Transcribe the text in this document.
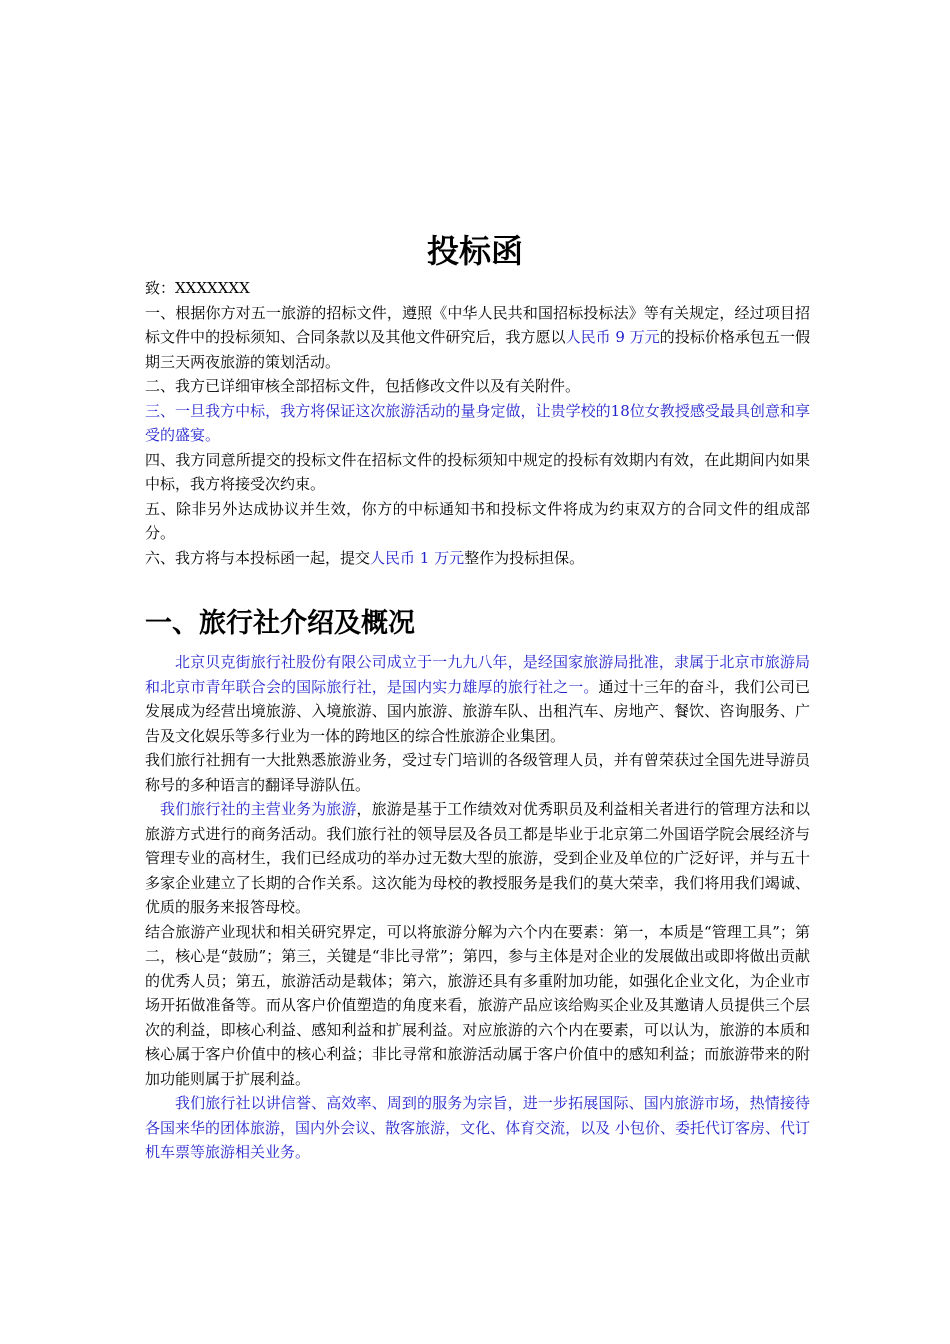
投标函

致：XXXXXXX

一、根据你方对五一旅游的招标文件，遵照《中华人民共和国招标投标法》等有关规定，经过项目招标文件中的投标须知、合同条款以及其他文件研究后，我方愿以人民币 9 万元的投标价格承包五一假期三天两夜旅游的策划活动。

二、我方已详细审核全部招标文件，包括修改文件以及有关附件。

三、一旦我方中标，我方将保证这次旅游活动的量身定做，让贵学校的18位女教授感受最具创意和享受的盛宴。

四、我方同意所提交的投标文件在招标文件的投标须知中规定的投标有效期内有效，在此期间内如果中标，我方将接受次约束。

五、除非另外达成协议并生效，你方的中标通知书和投标文件将成为约束双方的合同文件的组成部分。

六、我方将与本投标函一起，提交人民币 1 万元整作为投标担保。

一、旅行社介绍及概况

北京贝克街旅行社股份有限公司成立于一九九八年，是经国家旅游局批准，隶属于北京市旅游局和北京市青年联合会的国际旅行社，是国内实力雄厚的旅行社之一。通过十三年的奋斗，我们公司已发展成为经营出境旅游、入境旅游、国内旅游、旅游车队、出租汽车、房地产、餐饮、咨询服务、广告及文化娱乐等多行业为一体的跨地区的综合性旅游企业集团。

我们旅行社拥有一大批熟悉旅游业务，受过专门培训的各级管理人员，并有曾荣获过全国先进导游员称号的多种语言的翻译导游队伍。

我们旅行社的主营业务为旅游，旅游是基于工作绩效对优秀职员及利益相关者进行的管理方法和以旅游方式进行的商务活动。我们旅行社的领导层及各员工都是毕业于北京第二外国语学院会展经济与管理专业的高材生，我们已经成功的举办过无数大型的旅游，受到企业及单位的广泛好评，并与五十多家企业建立了长期的合作关系。这次能为母校的教授服务是我们的莫大荣幸，我们将用我们竭诚、优质的服务来报答母校。

结合旅游产业现状和相关研究界定，可以将旅游分解为六个内在要素：第一，本质是“管理工具”；第二，核心是“鼓励”；第三，关键是“非比寻常”；第四，参与主体是对企业的发展做出或即将做出贡献的优秀人员；第五，旅游活动是载体；第六，旅游还具有多重附加功能，如强化企业文化，为企业市场开拓做准备等。而从客户价值塑造的角度来看，旅游产品应该给购买企业及其邀请人员提供三个层次的利益，即核心利益、感知利益和扩展利益。对应旅游的六个内在要素，可以认为，旅游的本质和核心属于客户价值中的核心利益；非比寻常和旅游活动属于客户价值中的感知利益；而旅游带来的附加功能则属于扩展利益。

我们旅行社以讲信誉、高效率、周到的服务为宗旨，进一步拓展国际、国内旅游市场，热情接待各国来华的团体旅游，国内外会议、散客旅游，文化、体育交流，以及 小包价、委托代订客房、代订机车票等旅游相关业务。
